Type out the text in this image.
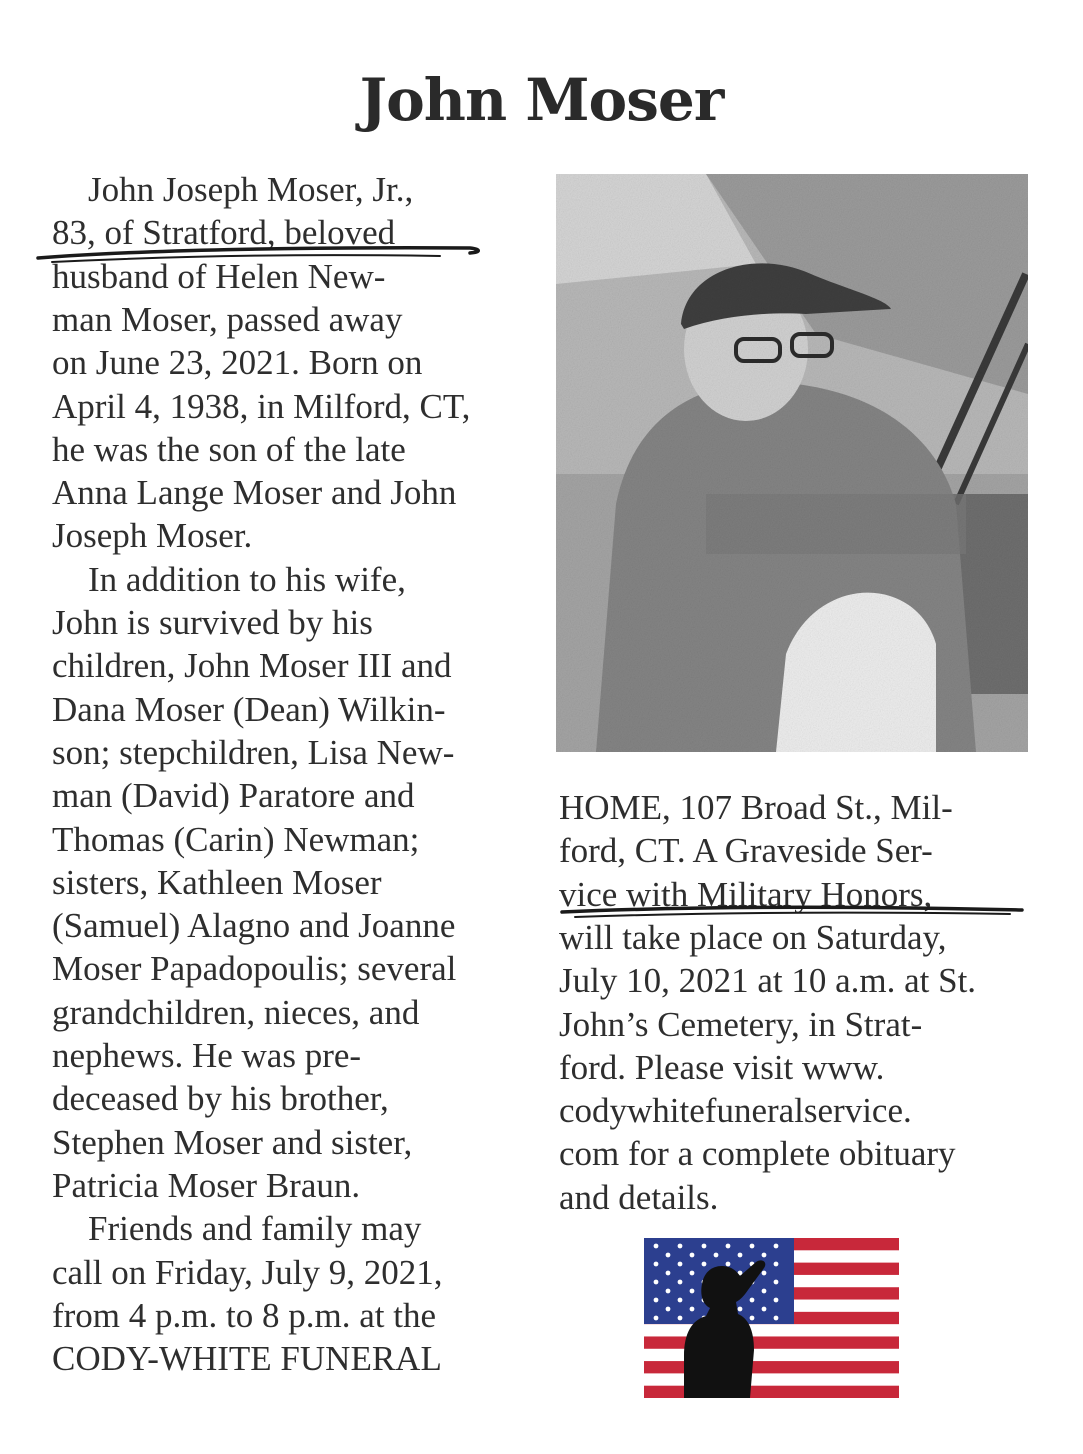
John Moser
John Joseph Moser, Jr.,
83, of Stratford, beloved
husband of Helen New-
man Moser, passed away
on June 23, 2021. Born on
April 4, 1938, in Milford, CT,
he was the son of the late
Anna Lange Moser and John
Joseph Moser.
In addition to his wife,
John is survived by his
children, John Moser III and
Dana Moser (Dean) Wilkin-
son; stepchildren, Lisa New-
man (David) Paratore and
Thomas (Carin) Newman;
sisters, Kathleen Moser
(Samuel) Alagno and Joanne
Moser Papadopoulis; several
grandchildren, nieces, and
nephews. He was pre-
deceased by his brother,
Stephen Moser and sister,
Patricia Moser Braun.
Friends and family may
call on Friday, July 9, 2021,
from 4 p.m. to 8 p.m. at the
CODY-WHITE FUNERAL
HOME, 107 Broad St., Mil-
ford, CT. A Graveside Ser-
vice with Military Honors,
will take place on Saturday,
July 10, 2021 at 10 a.m. at St.
John’s Cemetery, in Strat-
ford. Please visit www.
codywhitefuneralservice.
com for a complete obituary
and details.
